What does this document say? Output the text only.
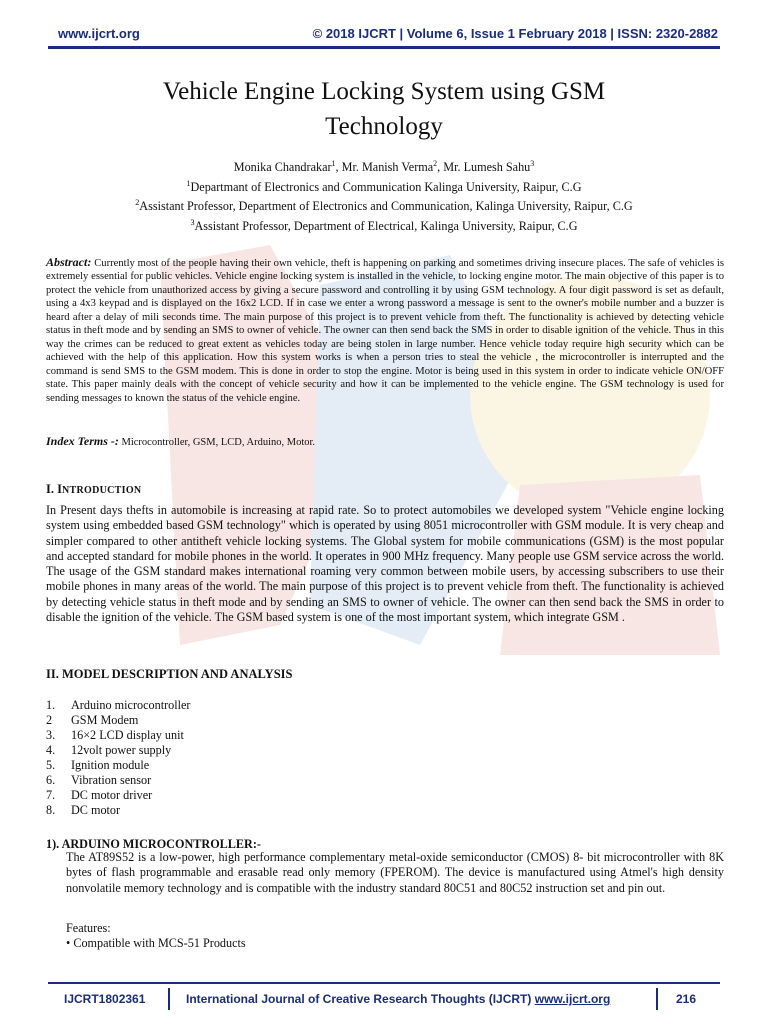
www.ijcrt.org	© 2018 IJCRT | Volume 6, Issue 1 February 2018 | ISSN: 2320-2882
Vehicle Engine Locking System using GSM
Technology
Monika Chandrakar$^1$, Mr. Manish Verma$^2$, Mr. Lumesh Sahu$^3$
$^1$Departmant of Electronics and Communication Kalinga University, Raipur, C.G
$^2$Assistant Professor, Department of Electronics and Communication, Kalinga University, Raipur, C.G
$^3$Assistant Professor, Department of Electrical, Kalinga University, Raipur, C.G
Abstract: Currently most of the people having their own vehicle, theft is happening on parking and sometimes driving insecure places. The safe of vehicles is extremely essential for public vehicles. Vehicle engine locking system is installed in the vehicle, to locking engine motor. The main objective of this paper is to protect the vehicle from unauthorized access by giving a secure password and controlling it by using GSM technology. A four digit password is set as default, using a 4x3 keypad and is displayed on the 16x2 LCD. If in case we enter a wrong password a message is sent to the owner's mobile number and a buzzer is heard after a delay of mili seconds time. The main purpose of this project is to prevent vehicle from theft. The functionality is achieved by detecting vehicle status in theft mode and by sending an SMS to owner of vehicle. The owner can then send back the SMS in order to disable ignition of the vehicle. Thus in this way the crimes can be reduced to great extent as vehicles today are being stolen in large number. Hence vehicle today require high security which can be achieved with the help of this application. How this system works is when a person tries to steal the vehicle , the microcontroller is interrupted and the command is send SMS to the GSM modem. This is done in order to stop the engine. Motor is being used in this system in order to indicate vehicle ON/OFF state. This paper mainly deals with the concept of vehicle security and how it can be implemented to the vehicle engine. The GSM technology is used for sending messages to known the status of the vehicle engine.
Index Terms -: Microcontroller, GSM, LCD, Arduino, Motor.
I. INTRODUCTION
In Present days thefts in automobile is increasing at rapid rate. So to protect automobiles we developed system "Vehicle engine locking system using embedded based GSM technology" which is operated by using 8051 microcontroller with GSM module. It is very cheap and simpler compared to other antitheft vehicle locking systems. The Global system for mobile communications (GSM) is the most popular and accepted standard for mobile phones in the world. It operates in 900 MHz frequency. Many people use GSM service across the world. The usage of the GSM standard makes international roaming very common between mobile users, by accessing subscribers to use their mobile phones in many areas of the world. The main purpose of this project is to prevent vehicle from theft. The functionality is achieved by detecting vehicle status in theft mode and by sending an SMS to owner of vehicle. The owner can then send back the SMS in order to disable the ignition of the vehicle. The GSM based system is one of the most important system, which integrate GSM .
II. MODEL DESCRIPTION AND ANALYSIS
1.	Arduino microcontroller
2	GSM Modem
3.	16×2 LCD display unit
4.	12volt power supply
5.	Ignition module
6.	Vibration sensor
7.	DC motor driver
8.	DC motor
1). ARDUINO MICROCONTROLLER:-
The AT89S52 is a low-power, high performance complementary metal-oxide semiconductor (CMOS) 8- bit microcontroller with 8K bytes of flash programmable and erasable read only memory (FPEROM). The device is manufactured using Atmel's high density nonvolatile memory technology and is compatible with the industry standard 80C51 and 80C52 instruction set and pin out.
Features:
• Compatible with MCS-51 Products
IJCRT1802361	International Journal of Creative Research Thoughts (IJCRT) www.ijcrt.org	216
